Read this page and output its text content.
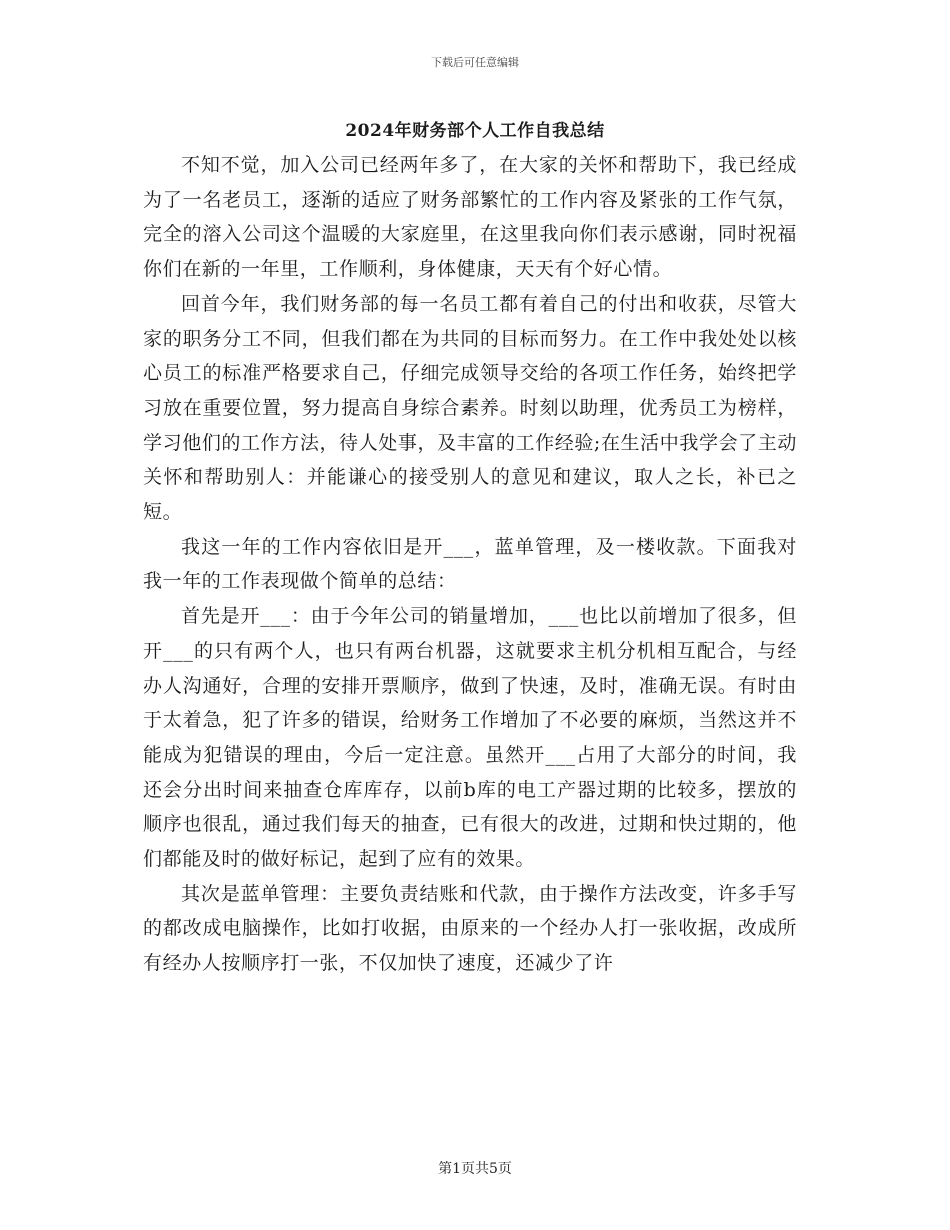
下载后可任意编辑
2024年财务部个人工作自我总结

不知不觉，加入公司已经两年多了，在大家的关怀和帮助下，我已经成为了一名老员工，逐渐的适应了财务部繁忙的工作内容及紧张的工作气氛，完全的溶入公司这个温暖的大家庭里，在这里我向你们表示感谢，同时祝福你们在新的一年里，工作顺利，身体健康，天天有个好心情。

回首今年，我们财务部的每一名员工都有着自己的付出和收获，尽管大家的职务分工不同，但我们都在为共同的目标而努力。在工作中我处处以核心员工的标准严格要求自己，仔细完成领导交给的各项工作任务，始终把学习放在重要位置，努力提高自身综合素养。时刻以助理，优秀员工为榜样，学习他们的工作方法，待人处事，及丰富的工作经验;在生活中我学会了主动关怀和帮助别人：并能谦心的接受别人的意见和建议，取人之长，补已之短。

我这一年的工作内容依旧是开___，蓝单管理，及一楼收款。下面我对我一年的工作表现做个简单的总结：

首先是开___：由于今年公司的销量增加，___也比以前增加了很多，但开___的只有两个人，也只有两台机器，这就要求主机分机相互配合，与经办人沟通好，合理的安排开票顺序，做到了快速，及时，准确无误。有时由于太着急，犯了许多的错误，给财务工作增加了不必要的麻烦，当然这并不能成为犯错误的理由，今后一定注意。虽然开___占用了大部分的时间，我还会分出时间来抽查仓库库存，以前b库的电工产器过期的比较多，摆放的顺序也很乱，通过我们每天的抽查，已有很大的改进，过期和快过期的，他们都能及时的做好标记，起到了应有的效果。

其次是蓝单管理：主要负责结账和代款，由于操作方法改变，许多手写的都改成电脑操作，比如打收据，由原来的一个经办人打一张收据，改成所有经办人按顺序打一张，不仅加快了速度，还减少了许

第1页共5页
